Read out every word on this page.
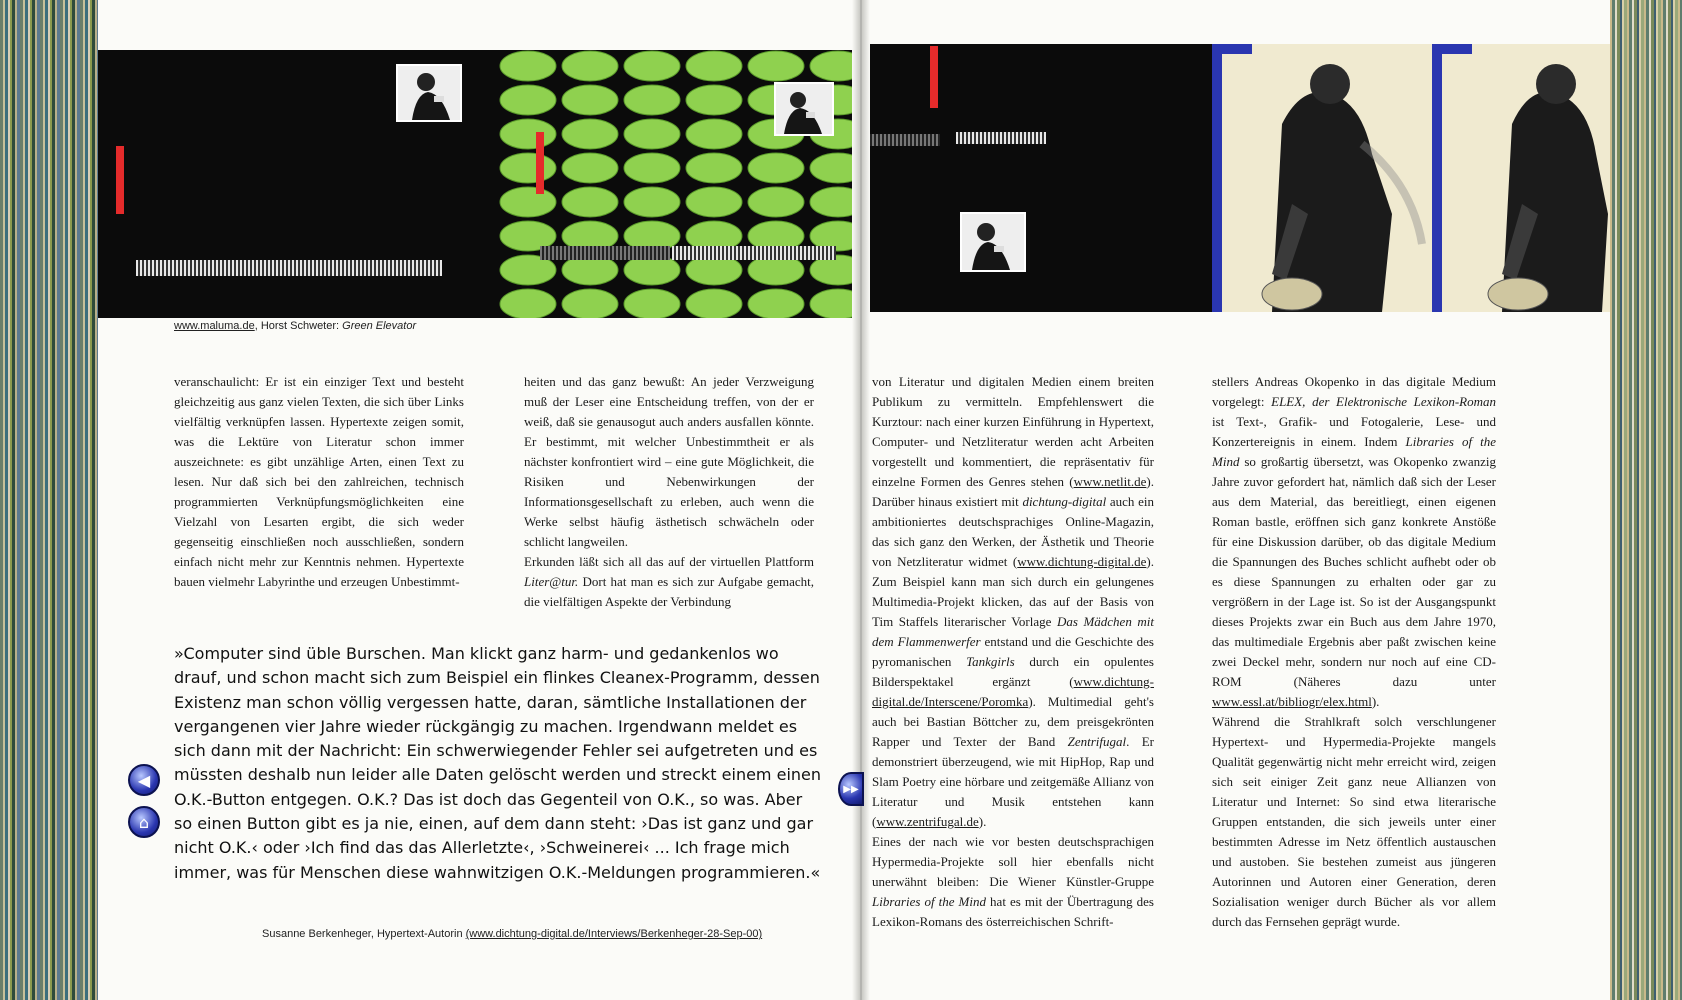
www.maluma.de, Horst Schweter: Green Elevator

veranschaulicht: Er ist ein einziger Text und besteht gleichzeitig aus ganz vielen Texten, die sich über Links vielfältig verknüpfen lassen. Hypertexte zeigen somit, was die Lektüre von Literatur schon immer auszeichnete: es gibt unzählige Arten, einen Text zu lesen. Nur daß sich bei den zahlreichen, technisch programmierten Verknüpfungsmöglichkeiten eine Vielzahl von Lesarten ergibt, die sich weder gegenseitig einschließen noch ausschließen, sondern einfach nicht mehr zur Kenntnis nehmen. Hypertexte bauen vielmehr Labyrinthe und erzeugen Unbestimmt-

heiten und das ganz bewußt: An jeder Verzweigung muß der Leser eine Entscheidung treffen, von der er weiß, daß sie genausogut auch anders ausfallen könnte. Er bestimmt, mit welcher Unbestimmtheit er als nächster konfrontiert wird – eine gute Möglichkeit, die Risiken und Nebenwirkungen der Informationsgesellschaft zu erleben, auch wenn die Werke selbst häufig ästhetisch schwächeln oder schlicht langweilen.

Erkunden läßt sich all das auf der virtuellen Plattform Liter@tur. Dort hat man es sich zur Aufgabe gemacht, die vielfältigen Aspekte der Verbindung

»Computer sind üble Burschen. Man klickt ganz harm- und gedankenlos wo drauf, und schon macht sich zum Beispiel ein flinkes Cleanex-Programm, dessen Existenz man schon völlig vergessen hatte, daran, sämtliche Installationen der vergangenen vier Jahre wieder rückgängig zu machen. Irgendwann meldet es sich dann mit der Nachricht: Ein schwerwiegender Fehler sei aufgetreten und es müssten deshalb nun leider alle Daten gelöscht werden und streckt einem einen O.K.-Button entgegen. O.K.? Das ist doch das Gegenteil von O.K., so was. Aber so einen Button gibt es ja nie, einen, auf dem dann steht: ›Das ist ganz und gar nicht O.K.‹ oder ›Ich find das das Allerletzte‹, ›Schweinerei‹ ... Ich frage mich immer, was für Menschen diese wahnwitzigen O.K.-Meldungen programmieren.«
Susanne Berkenheger, Hypertext-Autorin (www.dichtung-digital.de/Interviews/Berkenheger-28-Sep-00)
◀
⌂

von Literatur und digitalen Medien einem breiten Publikum zu vermitteln. Empfehlenswert die Kurztour: nach einer kurzen Einführung in Hypertext, Computer- und Netzliteratur werden acht Arbeiten vorgestellt und kommentiert, die repräsentativ für einzelne Formen des Genres stehen (www.netlit.de). Darüber hinaus existiert mit dichtung-digital auch ein ambitioniertes deutschsprachiges Online-Magazin, das sich ganz den Werken, der Ästhetik und Theorie von Netzliteratur widmet (www.dichtung-digital.de). Zum Beispiel kann man sich durch ein gelungenes Multimedia-Projekt klicken, das auf der Basis von Tim Staffels literarischer Vorlage Das Mädchen mit dem Flammenwerfer entstand und die Geschichte des pyromanischen Tankgirls durch ein opulentes Bilderspektakel ergänzt (www.dichtung-digital.de/Interscene/Poromka). Multimedial geht's auch bei Bastian Böttcher zu, dem preisgekrönten Rapper und Texter der Band Zentrifugal. Er demonstriert überzeugend, wie mit HipHop, Rap und Slam Poetry eine hörbare und zeitgemäße Allianz von Literatur und Musik entstehen kann (www.zentrifugal.de).
Eines der nach wie vor besten deutschsprachigen Hypermedia-Projekte soll hier ebenfalls nicht unerwähnt bleiben: Die Wiener Künstler-Gruppe Libraries of the Mind hat es mit der Übertragung des Lexikon-Romans des österreichischen Schrift-

stellers Andreas Okopenko in das digitale Medium vorgelegt: ELEX, der Elektronische Lexikon-Roman ist Text-, Grafik- und Fotogalerie, Lese- und Konzertereignis in einem. Indem Libraries of the Mind so großartig übersetzt, was Okopenko zwanzig Jahre zuvor gefordert hat, nämlich daß sich der Leser aus dem Material, das bereitliegt, einen eigenen Roman bastle, eröffnen sich ganz konkrete Anstöße für eine Diskussion darüber, ob das digitale Medium die Spannungen des Buches schlicht aufhebt oder ob es diese Spannungen zu erhalten oder gar zu vergrößern in der Lage ist. So ist der Ausgangspunkt dieses Projekts zwar ein Buch aus dem Jahre 1970, das multimediale Ergebnis aber paßt zwischen keine zwei Deckel mehr, sondern nur noch auf eine CD-ROM (Näheres dazu unter www.essl.at/bibliogr/elex.html).
Während die Strahlkraft solch verschlungener Hypertext- und Hypermedia-Projekte mangels Qualität gegenwärtig nicht mehr erreicht wird, zeigen sich seit einiger Zeit ganz neue Allianzen von Literatur und Internet: So sind etwa literarische Gruppen entstanden, die sich jeweils unter einer bestimmten Adresse im Netz öffentlich austauschen und austoben. Sie bestehen zumeist aus jüngeren Autorinnen und Autoren einer Generation, deren Sozialisation weniger durch Bücher als vor allem durch das Fernsehen geprägt wurde.

▶▶
